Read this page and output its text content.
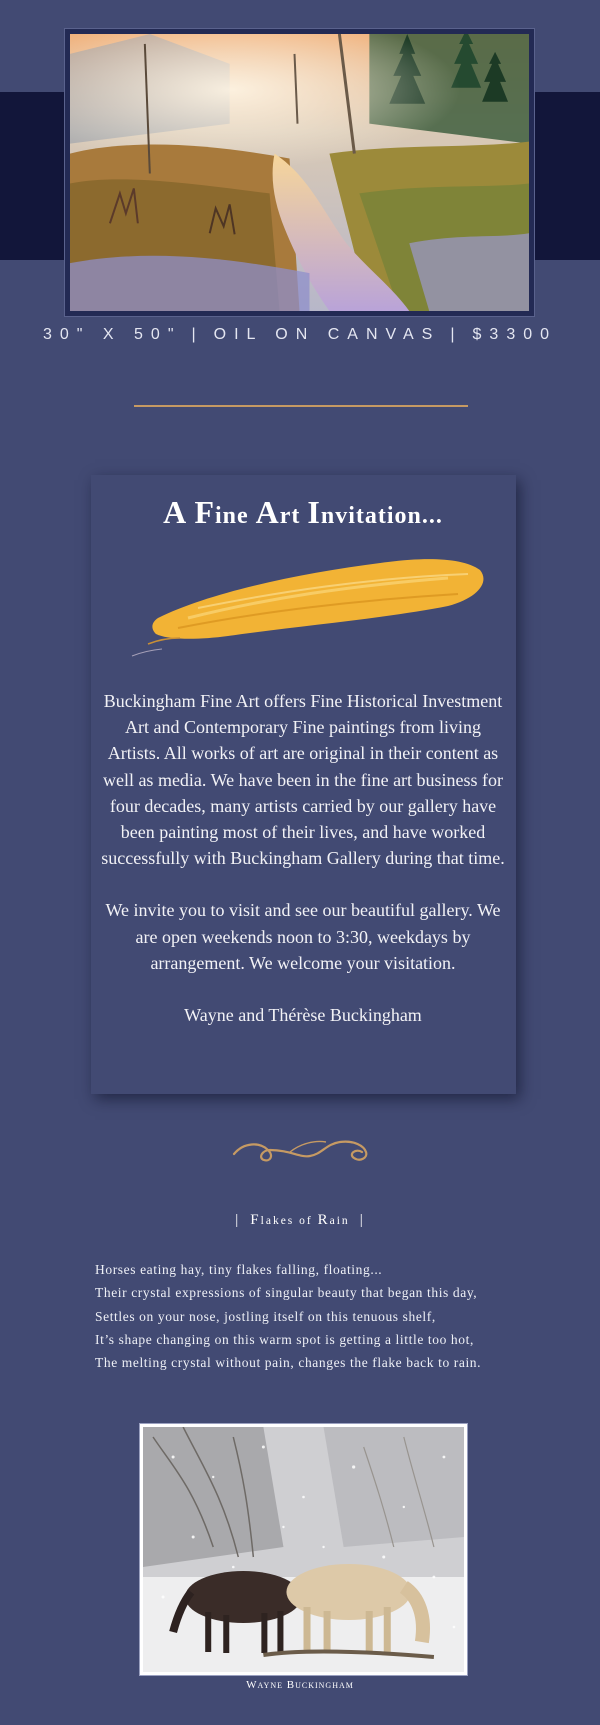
30" X 50" | OIL ON CANVAS | $3300
A Fine Art Invitation...

Buckingham Fine Art offers Fine Historical Investment Art and Contemporary Fine paintings from living Artists. All works of art are original in their content as well as media. We have been in the fine art business for four decades, many artists carried by our gallery have been painting most of their lives, and have worked successfully with Buckingham Gallery during that time.

We invite you to visit and see our beautiful gallery. We are open weekends noon to 3:30, weekdays by arrangement. We welcome your visitation.

Wayne and Thérèse Buckingham
| Flakes of Rain |
Horses eating hay, tiny flakes falling, floating...
Their crystal expressions of singular beauty that began this day,
Settles on your nose, jostling itself on this tenuous shelf,
It’s shape changing on this warm spot is getting a little too hot,
The melting crystal without pain, changes the flake back to rain.
Wayne Buckingham
